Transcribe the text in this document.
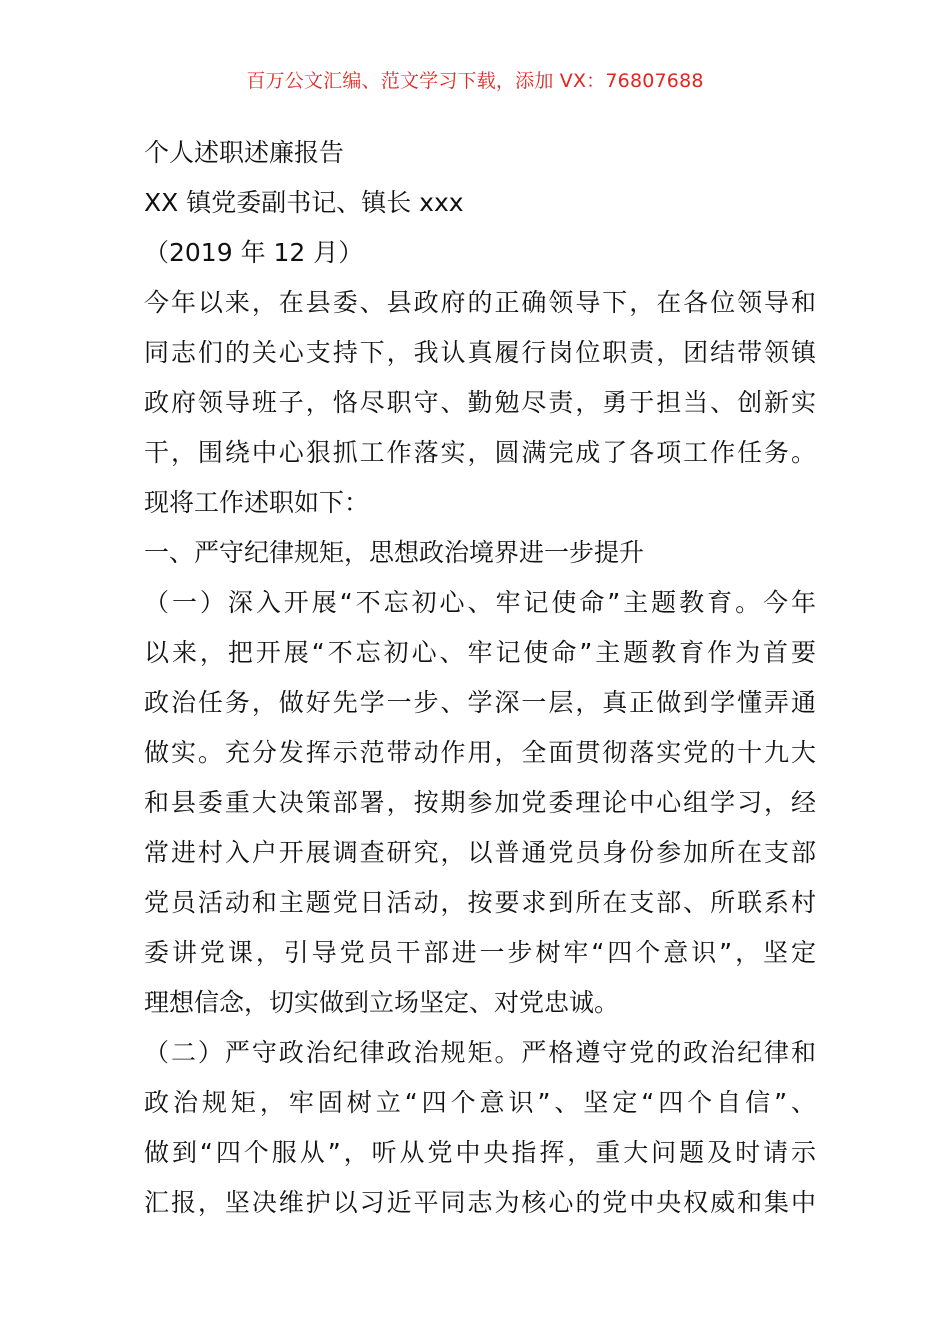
百万公文汇编、范文学习下载，添加 VX：76807688
个人述职述廉报告
XX 镇党委副书记、镇长 xxx
（2019 年 12 月）
今年以来，在县委、县政府的正确领导下，在各位领导和
同志们的关心支持下，我认真履行岗位职责，团结带领镇
政府领导班子，恪尽职守、勤勉尽责，勇于担当、创新实
干，围绕中心狠抓工作落实，圆满完成了各项工作任务。
现将工作述职如下：
一、严守纪律规矩，思想政治境界进一步提升
（一）深入开展“不忘初心、牢记使命”主题教育。今年
以来，把开展“不忘初心、牢记使命”主题教育作为首要
政治任务，做好先学一步、学深一层，真正做到学懂弄通
做实。充分发挥示范带动作用，全面贯彻落实党的十九大
和县委重大决策部署，按期参加党委理论中心组学习，经
常进村入户开展调查研究，以普通党员身份参加所在支部
党员活动和主题党日活动，按要求到所在支部、所联系村
委讲党课，引导党员干部进一步树牢“四个意识”，坚定
理想信念，切实做到立场坚定、对党忠诚。
（二）严守政治纪律政治规矩。严格遵守党的政治纪律和
政治规矩，牢固树立“四个意识”、坚定“四个自信”、
做到“四个服从”，听从党中央指挥，重大问题及时请示
汇报，坚决维护以习近平同志为核心的党中央权威和集中
